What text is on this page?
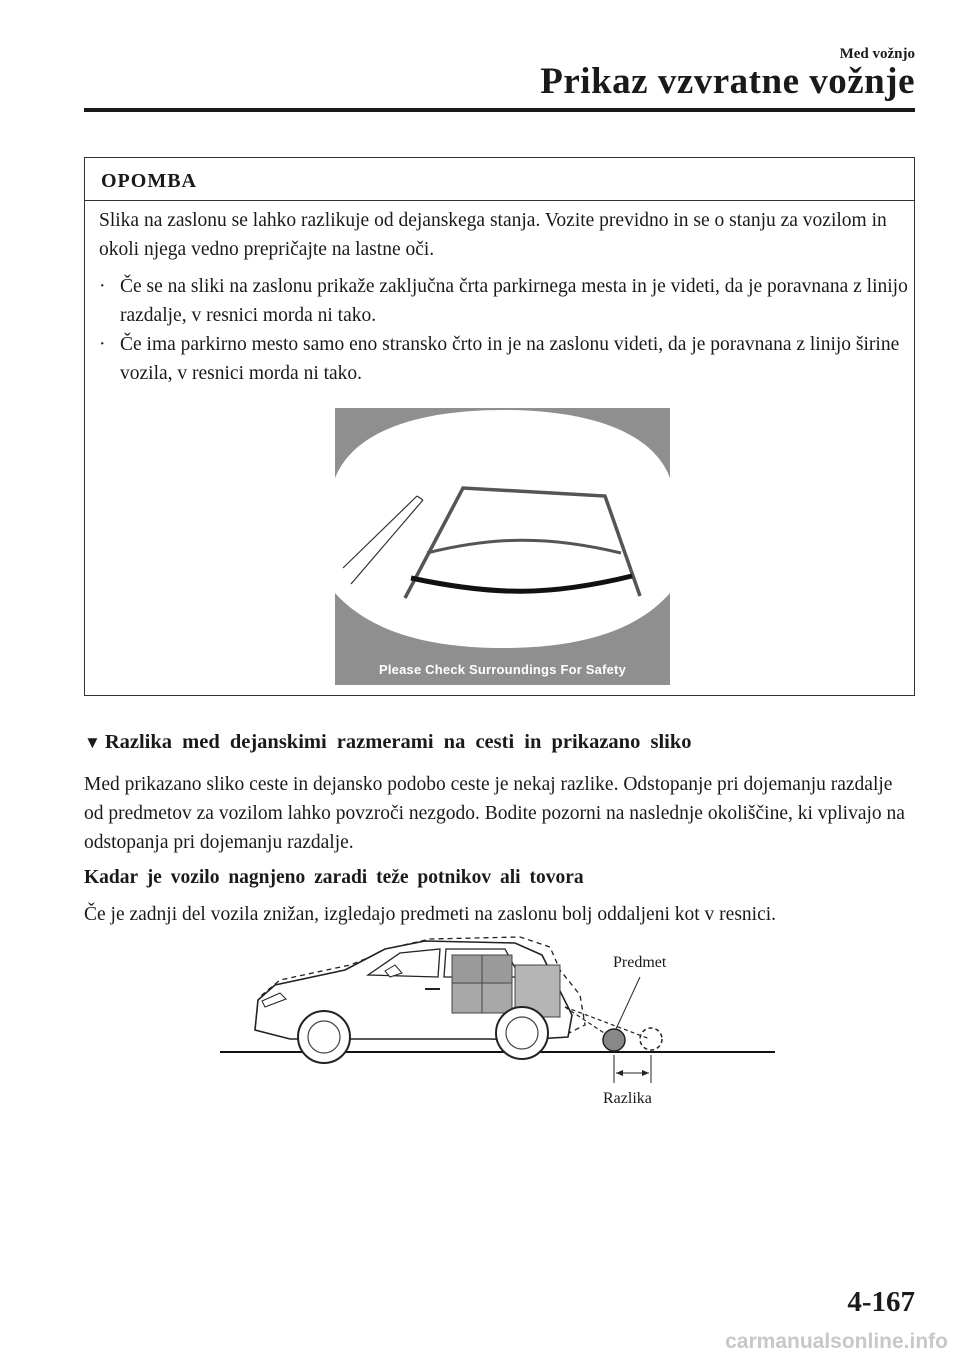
Med vožnjo
Prikaz vzvratne vožnje
OPOMBA
Slika na zaslonu se lahko razlikuje od dejanskega stanja. Vozite previdno in se o stanju za vozilom in okoli njega vedno prepričajte na lastne oči.
· Če se na sliki na zaslonu prikaže zaključna črta parkirnega mesta in je videti, da je poravnana z linijo razdalje, v resnici morda ni tako.
· Če ima parkirno mesto samo eno stransko črto in je na zaslonu videti, da je poravnana z linijo širine vozila, v resnici morda ni tako.
Please Check Surroundings For Safety
▼ Razlika med dejanskimi razmerami na cesti in prikazano sliko
Med prikazano sliko ceste in dejansko podobo ceste je nekaj razlike. Odstopanje pri dojemanju razdalje od predmetov za vozilom lahko povzroči nezgodo. Bodite pozorni na naslednje okoliščine, ki vplivajo na odstopanja pri dojemanju razdalje.
Kadar je vozilo nagnjeno zaradi teže potnikov ali tovora
Če je zadnji del vozila znižan, izgledajo predmeti na zaslonu bolj oddaljeni kot v resnici.
Predmet
Razlika
4-167
carmanualsonline.info
